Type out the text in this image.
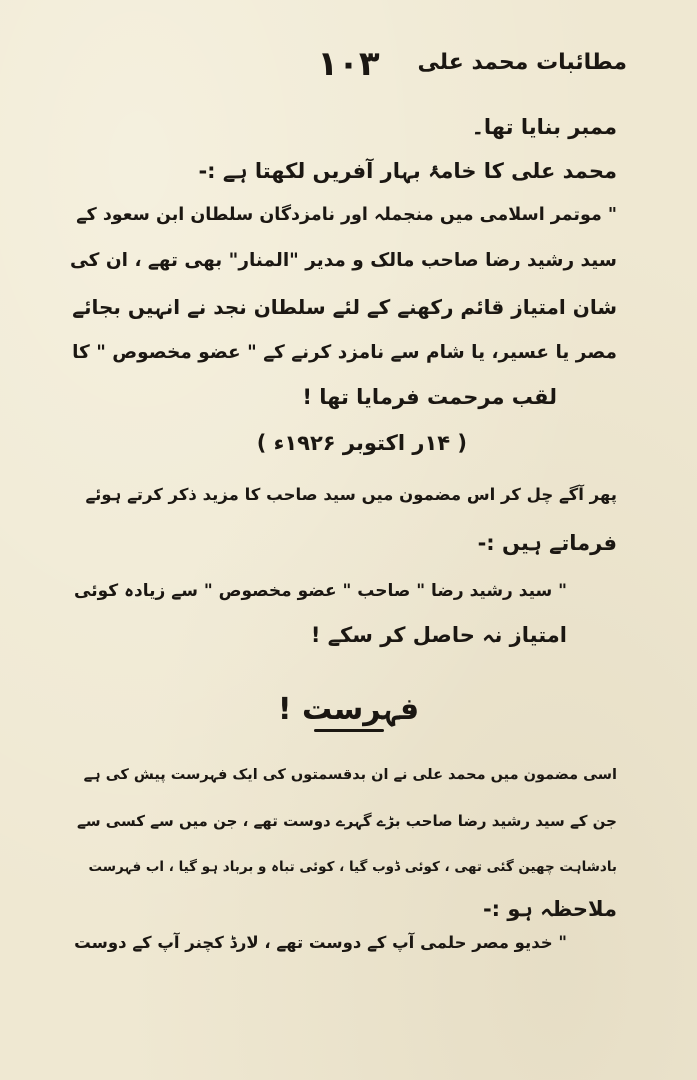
مطائبات محمد علی
١٠٣
ممبر بنایا تھا۔
محمد علی کا خامۂ بہار آفریں لکھتا ہے :-
" موتمر اسلامی میں منجملہ اور نامزدگان سلطان ابن سعود کے
سید رشید رضا صاحب مالک و مدیر "المنار" بھی تھے ، ان کی
شان امتیاز قائم رکھنے کے لئے سلطان نجد نے انہیں بجائے
مصر یا عسیر، یا شام سے نامزد کرنے کے " عضو مخصوص " کا
لقب مرحمت فرمایا تھا !
( ۱۴ر اکتوبر ۱۹۲۶ء )
پھر آگے چل کر اس مضمون میں سید صاحب کا مزید ذکر کرتے ہوئے
فرماتے ہیں :-
" سید رشید رضا " صاحب " عضو مخصوص " سے زیادہ کوئی
امتیاز نہ حاصل کر سکے !
فہرست !
اسی مضمون میں محمد علی نے ان بدقسمتوں کی ایک فہرست پیش کی ہے
جن کے سید رشید رضا صاحب بڑے گہرے دوست تھے ، جن میں سے کسی سے
بادشاہت چھین گئی تھی ، کوئی ڈوب گیا ، کوئی تباہ و برباد ہو گیا ، اب فہرست
ملاحظہ ہو :-
" خدیو مصر حلمی آپ کے دوست تھے ، لارڈ کچنر آپ کے دوست
